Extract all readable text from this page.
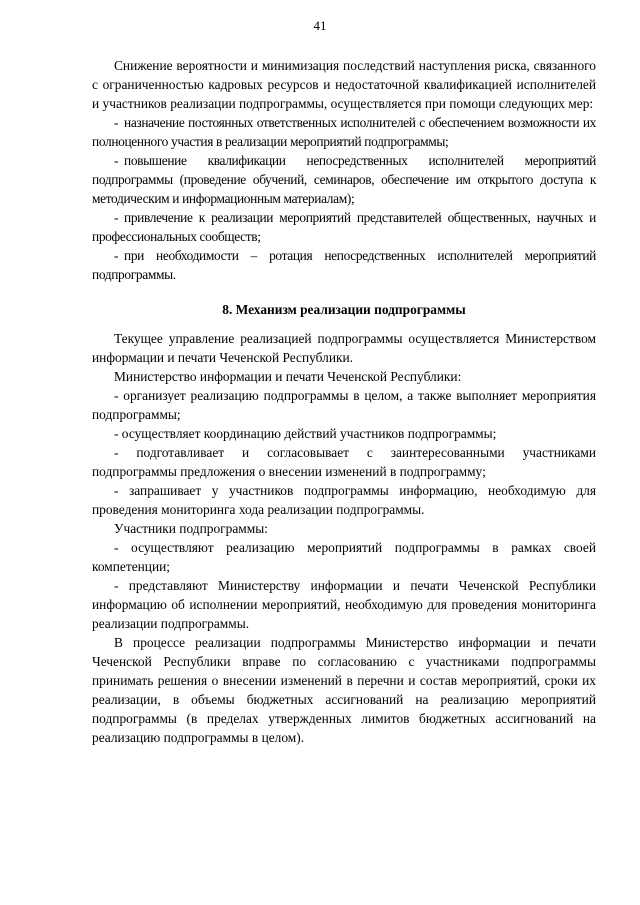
41

Снижение вероятности и минимизация последствий наступления риска, связанного с ограниченностью кадровых ресурсов и недостаточной квалификацией исполнителей и участников реализации подпрограммы, осуществляется при помощи следующих мер:

- назначение постоянных ответственных исполнителей с обеспечением возможности их полноценного участия в реализации мероприятий подпрограммы;

- повышение квалификации непосредственных исполнителей мероприятий подпрограммы (проведение обучений, семинаров, обеспечение им открытого доступа к методическим и информационным материалам);

- привлечение к реализации мероприятий представителей общественных, научных и профессиональных сообществ;

- при необходимости – ротация непосредственных исполнителей мероприятий подпрограммы.

8. Механизм реализации подпрограммы

Текущее управление реализацией подпрограммы осуществляется Министерством информации и печати Чеченской Республики.

Министерство информации и печати Чеченской Республики:

- организует реализацию подпрограммы в целом, а также выполняет мероприятия подпрограммы;

- осуществляет координацию действий участников подпрограммы;

- подготавливает и согласовывает с заинтересованными участниками подпрограммы предложения о внесении изменений в подпрограмму;

- запрашивает у участников подпрограммы информацию, необходимую для проведения мониторинга хода реализации подпрограммы.

Участники подпрограммы:

- осуществляют реализацию мероприятий подпрограммы в рамках своей компетенции;

- представляют Министерству информации и печати Чеченской Республики информацию об исполнении мероприятий, необходимую для проведения мониторинга реализации подпрограммы.

В процессе реализации подпрограммы Министерство информации и печати Чеченской Республики вправе по согласованию с участниками подпрограммы принимать решения о внесении изменений в перечни и состав мероприятий, сроки их реализации, в объемы бюджетных ассигнований на реализацию мероприятий подпрограммы (в пределах утвержденных лимитов бюджетных ассигнований на реализацию подпрограммы в целом).
